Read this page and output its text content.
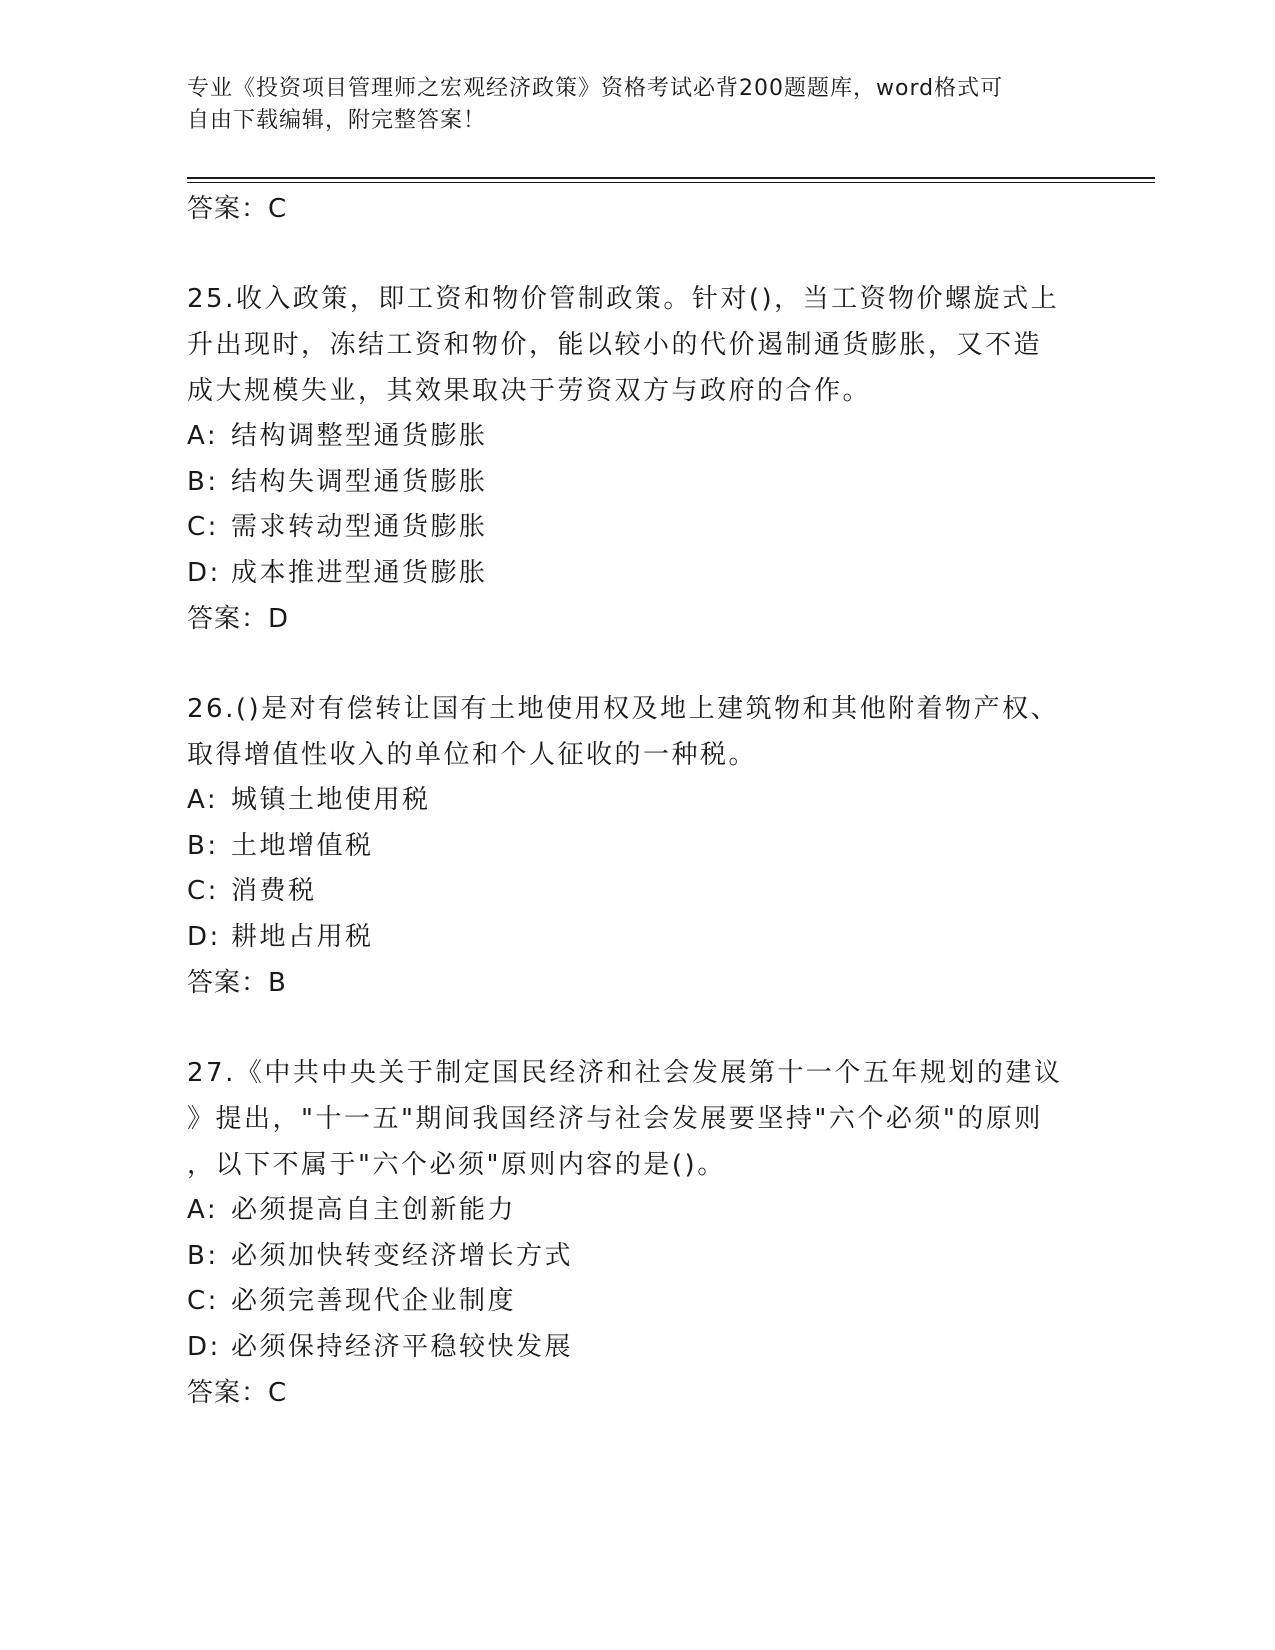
专业《投资项目管理师之宏观经济政策》资格考试必背200题题库，word格式可
自由下载编辑，附完整答案！
答案：C
25.收入政策，即工资和物价管制政策。针对()，当工资物价螺旋式上
升出现时，冻结工资和物价，能以较小的代价遏制通货膨胀，又不造
成大规模失业，其效果取决于劳资双方与政府的合作。
A: 结构调整型通货膨胀
B: 结构失调型通货膨胀
C: 需求转动型通货膨胀
D: 成本推进型通货膨胀
答案：D
26.()是对有偿转让国有土地使用权及地上建筑物和其他附着物产权、
取得增值性收入的单位和个人征收的一种税。
A: 城镇土地使用税
B: 土地增值税
C: 消费税
D: 耕地占用税
答案：B
27.《中共中央关于制定国民经济和社会发展第十一个五年规划的建议
》提出，"十一五"期间我国经济与社会发展要坚持"六个必须"的原则
，以下不属于"六个必须"原则内容的是()。
A: 必须提高自主创新能力
B: 必须加快转变经济增长方式
C: 必须完善现代企业制度
D: 必须保持经济平稳较快发展
答案：C
